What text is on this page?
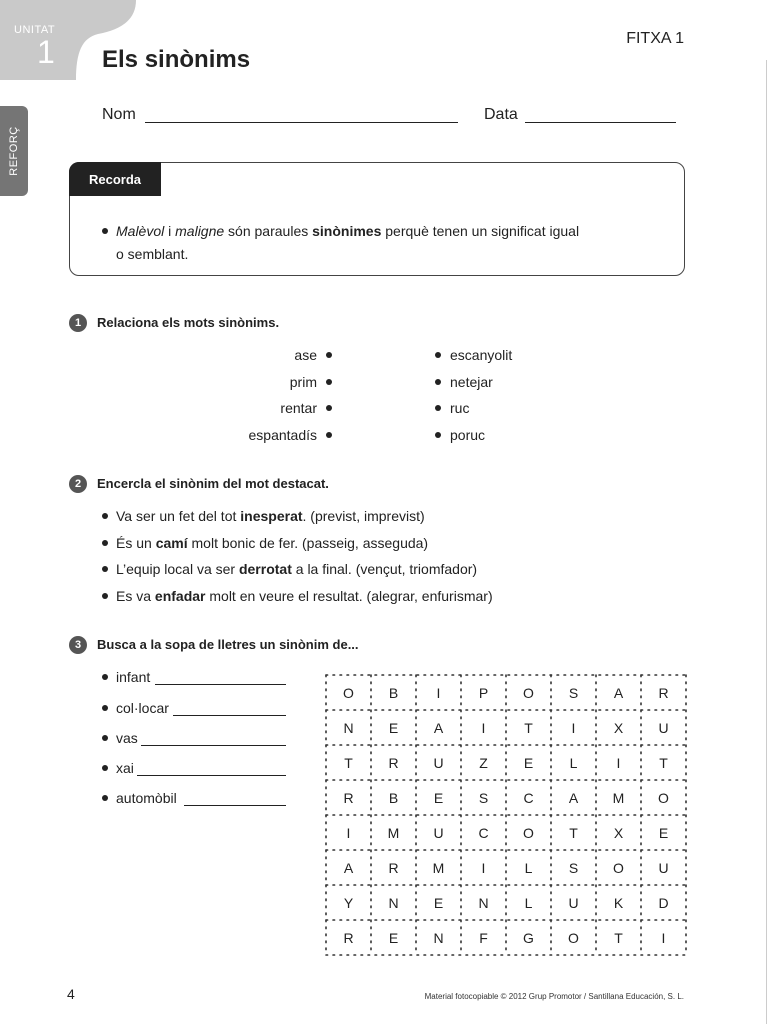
UNITAT
1
REFORÇ
FITXA 1
Els sinònims
Nom	Data
Recorda
Malèvol i maligne són paraules sinònimes perquè tenen un significat igual
o semblant.
1	Relaciona els mots sinònims.
ase
prim
rentar
espantadís
escanyolit
netejar
ruc
poruc
2	Encercla el sinònim del mot destacat.
Va ser un fet del tot inesperat. (previst, imprevist)
És un camí molt bonic de fer. (passeig, asseguda)
L’equip local va ser derrotat a la final. (vençut, triomfador)
Es va enfadar molt en veure el resultat. (alegrar, enfurismar)
3	Busca a la sopa de lletres un sinònim de...
infant
col·locar
vas
xai
automòbil
O	B	I	P	O	S	A	R
N	E	A	I	T	I	X	U
T	R	U	Z	E	L	I	T
R	B	E	S	C	A	M	O
I	M	U	C	O	T	X	E
A	R	M	I	L	S	O	U
Y	N	E	N	L	U	K	D
R	E	N	F	G	O	T	I
4	Material fotocopiable © 2012 Grup Promotor / Santillana Educación, S. L.
